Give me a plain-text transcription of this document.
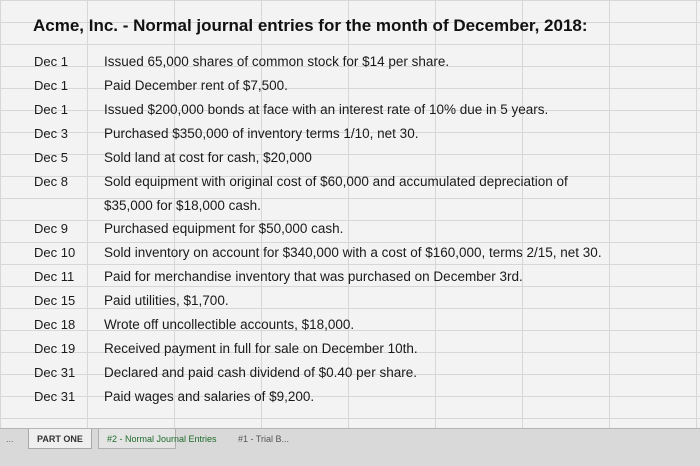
Acme, Inc. - Normal journal entries for the month of December, 2018:
Dec 1	Issued 65,000 shares of common stock for $14 per share.
Dec 1	Paid December rent of $7,500.
Dec 1	Issued $200,000 bonds at face with an interest rate of 10% due in 5 years.
Dec 3	Purchased $350,000 of inventory terms 1/10, net 30.
Dec 5	Sold land at cost for cash, $20,000
Dec 8	Sold equipment with original cost of $60,000 and accumulated depreciation of
$35,000 for $18,000 cash.
Dec 9	Purchased equipment for $50,000 cash.
Dec 10 Sold inventory on account for $340,000 with a cost of $160,000, terms 2/15, net 30.
Dec 11 Paid for merchandise inventory that was purchased on December 3rd.
Dec 15 Paid utilities, $1,700.
Dec 18 Wrote off uncollectible accounts, $18,000.
Dec 19 Received payment in full for sale on December 10th.
Dec 31 Declared and paid cash dividend of $0.40 per share.
Dec 31 Paid wages and salaries of $9,200.
...	PART ONE	#2 - Normal Journal Entries	#1 - Trial B...
